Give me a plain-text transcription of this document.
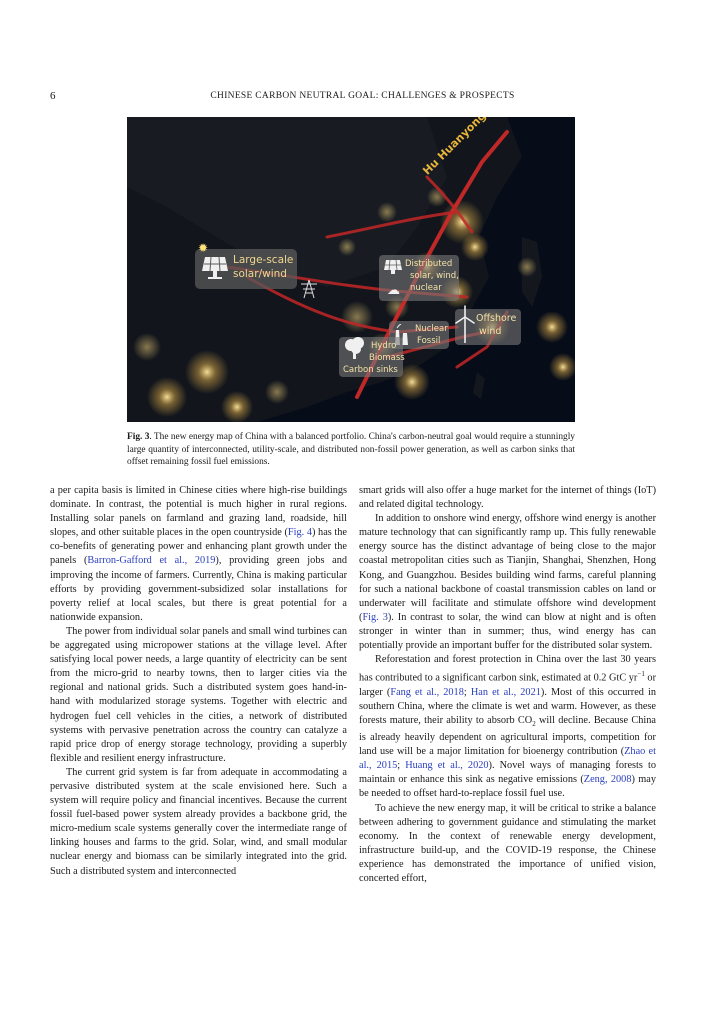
6	CHINESE CARBON NEUTRAL GOAL: CHALLENGES & PROSPECTS
✹
Large-scale
solar/wind
☁
Distributed
solar, wind,
nuclear
Offshore
wind
Nuclear
Fossil
Hydro
Biomass
Carbon sinks
Fig. 3. The new energy map of China with a balanced portfolio. China's carbon-neutral goal would require a stunningly large quantity of interconnected, utility-scale, and distributed non-fossil power generation, as well as carbon sinks that offset remaining fossil fuel emissions.

a per capita basis is limited in Chinese cities where high-rise buildings dominate. In contrast, the potential is much higher in rural regions. Installing solar panels on farmland and grazing land, roadside, hill slopes, and other suitable places in the open countryside (Fig. 4) has the co-benefits of generating power and enhancing plant growth under the panels (Barron-Gafford et al., 2019), providing green jobs and improving the income of farmers. Currently, China is making particular efforts by providing government-subsidized solar installations for poverty relief at local scales, but there is great potential for a nationwide expansion.

The power from individual solar panels and small wind turbines can be aggregated using micropower stations at the village level. After satisfying local power needs, a large quantity of electricity can be sent from the micro-grid to nearby towns, then to larger cities via the regional and national grids. Such a distributed system goes hand-in-hand with modularized storage systems. Together with electric and hydrogen fuel cell vehicles in the cities, a network of distributed systems with pervasive penetration across the country can catalyze a rapid price drop of energy storage technology, providing a superbly flexible and resilient energy infrastructure.

The current grid system is far from adequate in accommodating a pervasive distributed system at the scale envisioned here. Such a system will require policy and financial incentives. Because the current fossil fuel-based power system already provides a backbone grid, the micro-medium scale systems generally cover the intermediate range of linking houses and farms to the grid. Solar, wind, and small modular nuclear energy and biomass can be similarly integrated into the grid. Such a distributed system and interconnected

smart grids will also offer a huge market for the internet of things (IoT) and related digital technology.

In addition to onshore wind energy, offshore wind energy is another mature technology that can significantly ramp up. This fully renewable energy source has the distinct advantage of being close to the major coastal metropolitan cities such as Tianjin, Shanghai, Shenzhen, Hong Kong, and Guangzhou. Besides building wind farms, careful planning for such a national backbone of coastal transmission cables on land or underwater will facilitate and stimulate offshore wind development (Fig. 3). In contrast to solar, the wind can blow at night and is often stronger in winter than in summer; thus, wind energy has can potentially provide an important buffer for the distributed solar system.

Reforestation and forest protection in China over the last 30 years has contributed to a significant carbon sink, estimated at 0.2 GtC $yr^{-1}$ or larger (Fang et al., 2018; Han et al., 2021). Most of this occurred in southern China, where the climate is wet and warm. However, as these forests mature, their ability to absorb $CO_2$ will decline. Because China is already heavily dependent on agricultural imports, competition for land use will be a major limitation for bioenergy contribution (Zhao et al., 2015; Huang et al., 2020). Novel ways of managing forests to maintain or enhance this sink as negative emissions (Zeng, 2008) may be needed to offset hard-to-replace fossil fuel use.

To achieve the new energy map, it will be critical to strike a balance between adhering to government guidance and stimulating the market economy. In the context of renewable energy development, infrastructure build-up, and the COVID-19 response, the Chinese experience has demonstrated the importance of unified vision, concerted effort,
